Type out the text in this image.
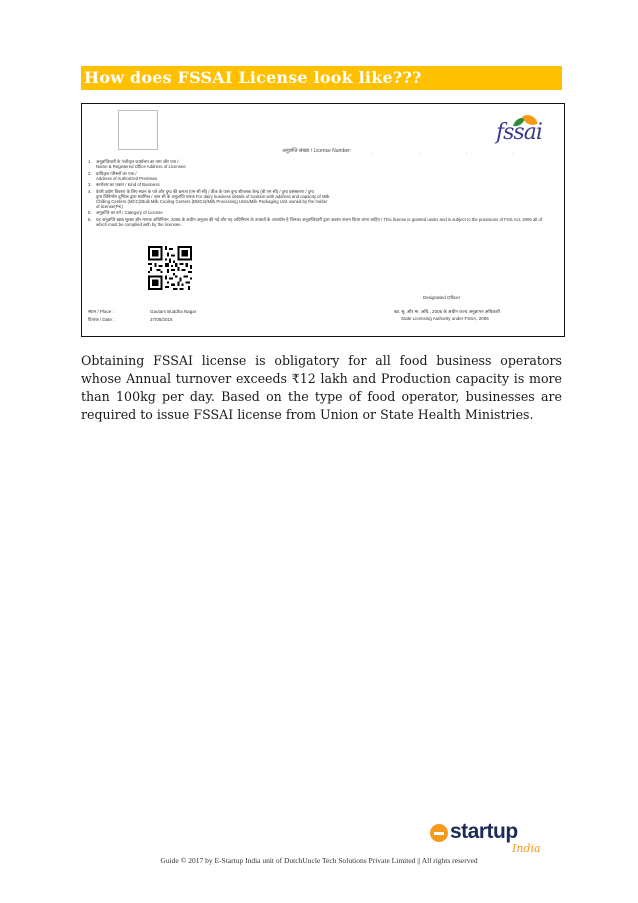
How does FSSAI License look like???
fssai
अनुज्ञप्ति संख्या / License Number:	. . . .
1. अनुज्ञप्तिधारी के पंजीकृत कार्यालय का नाम और पता /
Name & Registered Office Address of Licensee
2. प्राधिकृत परिसरों का पता /
Address of Authorized Premises
3. कारोबार का प्रकार / Kind of Business
4. डेयरी उद्योग विवरण के लिए स्थान के पते और दुग्ध की क्षमता (एम सी सी) / ठीक के पास दुग्ध शीतलक केन्द्र (बी एम सी) / दुग्ध प्रसंस्करण / दुग्ध
दुग्ध विनिर्माण दुग्धिक द्वारा स्वामित्व / आन सी के अनुज्ञप्ति धारक For dairy business details of location with address and capacity of Milk
Chilling Centers (MCC)/Bulk Milk Cooling Centers (BMCs)/Milk Processing Units/Milk Packaging Unit owned by the holder
of license(PK)
5. अनुज्ञप्ति का वर्ग / Category of License
6. यह अनुज्ञप्ति खाद्य सुरक्षा और मानक अधिनियम, 2006 के अधीन अनुदत्त की गई और यह अधिनियम के उपबंधों के अध्यधीन है जिनका अनुज्ञप्तिधारी द्वारा अवश्य पालन किया जाना चाहिए / This license is granted under and is subject to the provisions of FSS Act, 2006 all of
which must be complied with by the licensee.
Designated Officer
स्थान / Place :	Gautam Buddha Nagar
दिनांक / Date :	27/05/2016
खा. सु. और मा. अधि., 2006 के अधीन राज्य अनुज्ञापन अधिकारी
State Licensing Authority under FSSA, 2006

Obtaining FSSAI license is obligatory for all food business operators whose Annual turnover exceeds ₹12 lakh and Production capacity is more than 100kg per day. Based on the type of food operator, businesses are required to issue FSSAI license from Union or State Health Ministries.

startup
India
Guide © 2017 by E-Startup India unit of DutchUncle Tech Solutions Private Limited || All rights reserved
